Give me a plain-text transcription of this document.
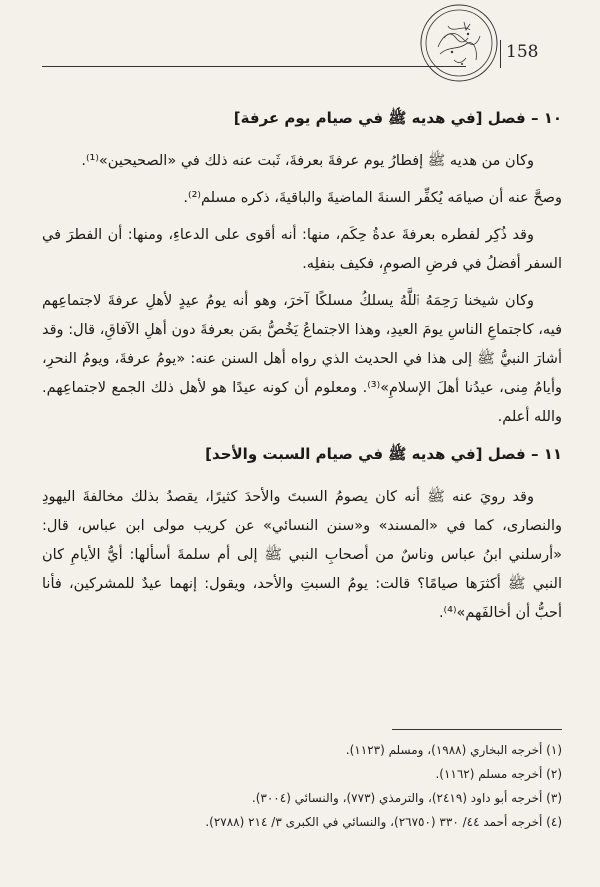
158

١٠ – فصل [في هديه ﷺ في صيام يوم عرفة]

وكان من هديه ﷺ إفطارُ يوم عرفةَ بعرفةَ، ثَبت عنه ذلك في «الصحيحين»⁽¹⁾.

وصحَّ عنه أن صيامَه يُكفِّر السنةَ الماضيةَ والباقيةَ، ذكره مسلم⁽²⁾.

وقد ذُكِر لفطره بعرفةَ عدةُ حِكَم، منها: أنه أقوى على الدعاءِ، ومنها: أن الفطرَ في السفر أفضلُ في فرضِ الصومِ، فكيف بنفلِه.

وكان شيخنا رَحِمَهُ ٱللَّهُ يسلكُ مسلكًا آخرَ، وهو أنه يومُ عيدٍ لأهلِ عرفةَ لاجتماعِهم فيه، كاجتماعِ الناسِ يومَ العيدِ، وهذا الاجتماعُ يَخُصُّ بمَن بعرفةَ دون أهلِ الآفاقِ، قال: وقد أشارَ النبيُّ ﷺ إلى هذا في الحديث الذي رواه أهل السنن عنه: «يومُ عرفةَ، ويومُ النحرِ، وأيامُ مِنى، عيدُنا أهلَ الإسلامِ»⁽³⁾. ومعلوم أن كونه عيدًا هو لأهل ذلك الجمع لاجتماعِهم. والله أعلم.

١١ – فصل [في هديه ﷺ في صيام السبت والأحد]

وقد رويَ عنه ﷺ أنه كان يصومُ السبتَ والأحدَ كثيرًا، يقصدُ بذلك مخالفةَ اليهودِ والنصارى، كما في «المسند» و«سنن النسائي» عن كريب مولى ابن عباس، قال: «أرسلني ابنُ عباس وناسٌ من أصحابِ النبي ﷺ إلى أم سلمةَ أسألها: أيُّ الأيامِ كان النبي ﷺ أكثرَها صيامًا؟ قالت: يومُ السبتِ والأحد، ويقول: إنهما عيدٌ للمشركين، فأنا أحبُّ أن أخالفَهم»⁽⁴⁾.

(١) أخرجه البخاري (١٩٨٨)، ومسلم (١١٢٣).

(٢) أخرجه مسلم (١١٦٢).

(٣) أخرجه أبو داود (٢٤١٩)، والترمذي (٧٧٣)، والنسائي (٣٠٠٤).

(٤) أخرجه أحمد ٤٤/ ٣٣٠ (٢٦٧٥٠)، والنسائي في الكبرى ٣/ ٢١٤ (٢٧٨٨).
